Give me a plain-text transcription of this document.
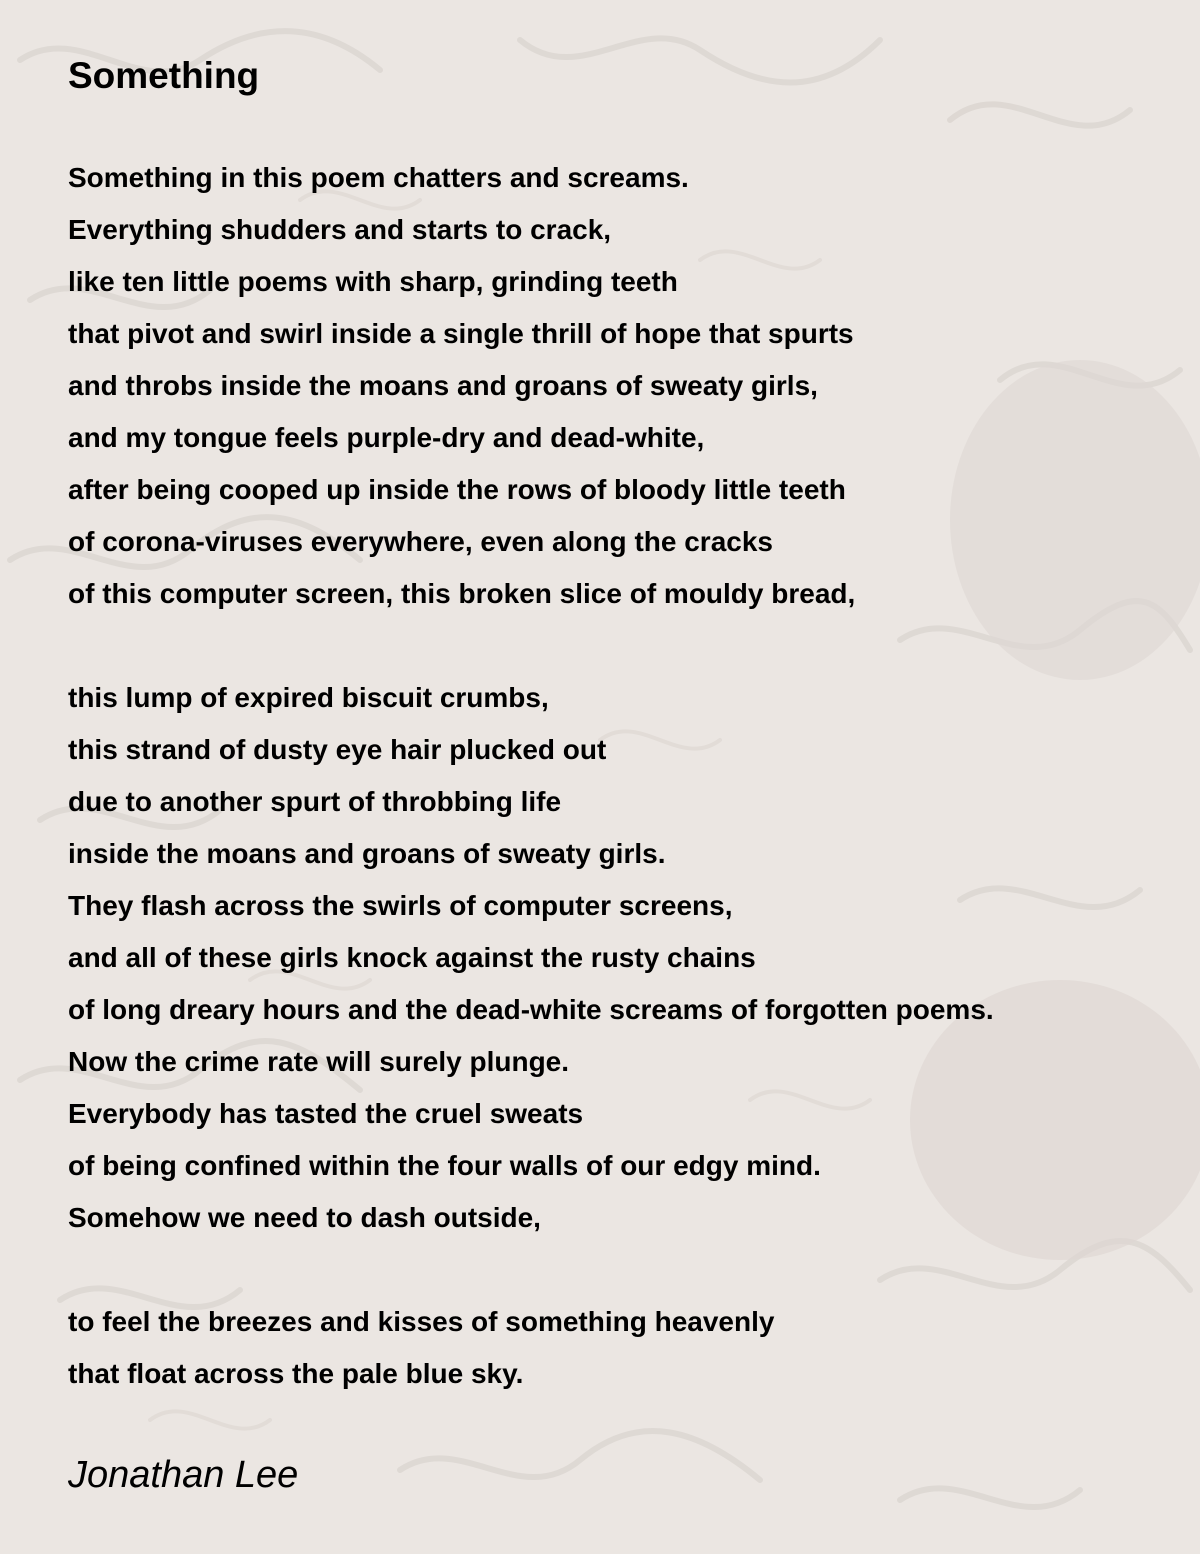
Something
Something in this poem chatters and screams.
Everything shudders and starts to crack,
like ten little poems with sharp, grinding teeth
that pivot and swirl inside a single thrill of hope that spurts
and throbs inside the moans and groans of sweaty girls,
and my tongue feels purple-dry and dead-white,
after being cooped up inside the rows of bloody little teeth
of corona-viruses everywhere, even along the cracks
of this computer screen, this broken slice of mouldy bread,
this lump of expired biscuit crumbs,
this strand of dusty eye hair plucked out
due to another spurt of throbbing life
inside the moans and groans of sweaty girls.
They flash across the swirls of computer screens,
and all of these girls knock against the rusty chains
of long dreary hours and the dead-white screams of forgotten poems.
Now the crime rate will surely plunge.
Everybody has tasted the cruel sweats
of being confined within the four walls of our edgy mind.
Somehow we need to dash outside,
to feel the breezes and kisses of something heavenly
that float across the pale blue sky.
Jonathan Lee
